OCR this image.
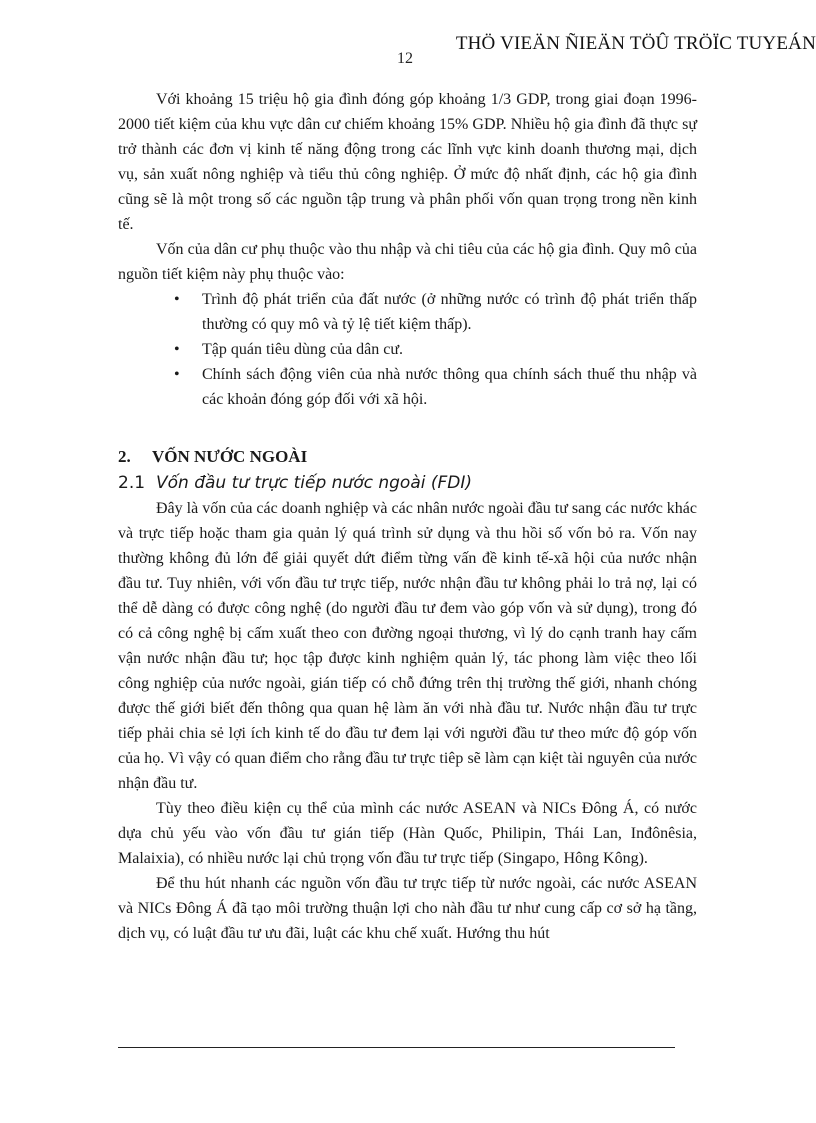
THÖ VIEÄN ÑIEÄN TÖÛ TRÖÏC TUYEÁN
12

Với khoảng 15 triệu hộ gia đình đóng góp khoảng 1/3 GDP, trong giai đoạn 1996-2000 tiết kiệm của khu vực dân cư chiếm khoảng 15% GDP. Nhiều hộ gia đình đã thực sự trở thành các đơn vị kinh tế năng động trong các lĩnh vực kinh doanh thương mại, dịch vụ, sản xuất nông nghiệp và tiểu thủ công nghiệp. Ở mức độ nhất định, các hộ gia đình cũng sẽ là một trong số các nguồn tập trung và phân phối vốn quan trọng trong nền kinh tế.

Vốn của dân cư phụ thuộc vào thu nhập và chi tiêu của các hộ gia đình. Quy mô của nguồn tiết kiệm này phụ thuộc vào:

• Trình độ phát triển của đất nước (ở những nước có trình độ phát triển thấp thường có quy mô và tỷ lệ tiết kiệm thấp).
• Tập quán tiêu dùng của dân cư.
• Chính sách động viên của nhà nước thông qua chính sách thuế thu nhập và các khoản đóng góp đối với xã hội.
2. VỐN NƯỚC NGOÀI
2.1 Vốn đầu tư trực tiếp nước ngoài (FDI)

Đây là vốn của các doanh nghiệp và các nhân nước ngoài đầu tư sang các nước khác và trực tiếp hoặc tham gia quản lý quá trình sử dụng và thu hồi số vốn bỏ ra. Vốn nay thường không đủ lớn để giải quyết dứt điểm từng vấn đề kinh tế-xã hội của nước nhận đầu tư. Tuy nhiên, với vốn đầu tư trực tiếp, nước nhận đầu tư không phải lo trả nợ, lại có thể dễ dàng có được công nghệ (do người đầu tư đem vào góp vốn và sử dụng), trong đó có cả công nghệ bị cấm xuất theo con đường ngoại thương, vì lý do cạnh tranh hay cấm vận nước nhận đầu tư; học tập được kinh nghiệm quản lý, tác phong làm việc theo lối công nghiệp của nước ngoài, gián tiếp có chỗ đứng trên thị trường thế giới, nhanh chóng được thế giới biết đến thông qua quan hệ làm ăn với nhà đầu tư. Nước nhận đầu tư trực tiếp phải chia sẻ lợi ích kinh tế do đầu tư đem lại với người đầu tư theo mức độ góp vốn của họ. Vì vậy có quan điểm cho rằng đầu tư trực tiêp sẽ làm cạn kiệt tài nguyên của nước nhận đầu tư.

Tùy theo điều kiện cụ thể của mình các nước ASEAN và NICs Đông Á, có nước dựa chủ yếu vào vốn đầu tư gián tiếp (Hàn Quốc, Philipin, Thái Lan, Inđônêsia, Malaixia), có nhiều nước lại chủ trọng vốn đầu tư trực tiếp (Singapo, Hông Kông).

Để thu hút nhanh các nguồn vốn đầu tư trực tiếp từ nước ngoài, các nước ASEAN và NICs Đông Á đã tạo môi trường thuận lợi cho nàh đầu tư như cung cấp cơ sở hạ tầng, dịch vụ, có luật đầu tư ưu đãi, luật các khu chế xuất. Hướng thu hút
